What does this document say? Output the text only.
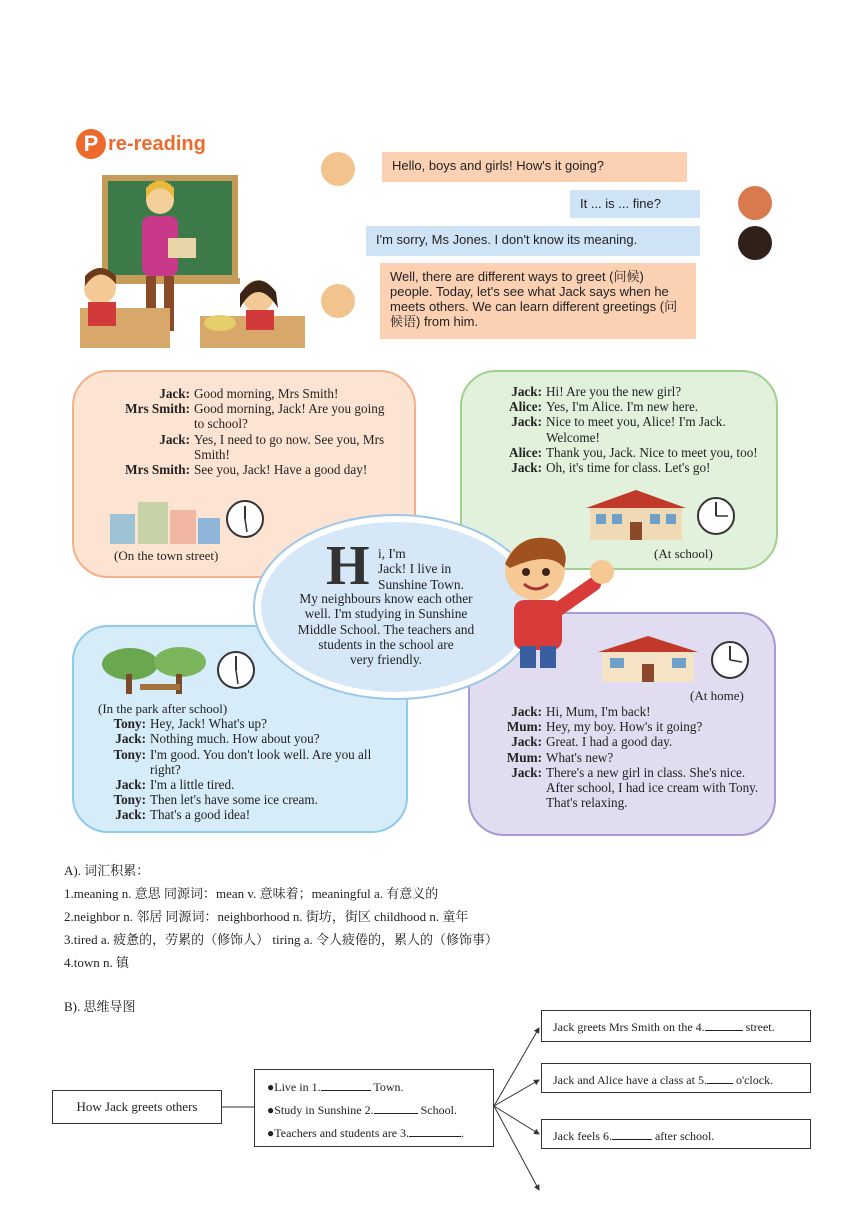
P re-reading
Hello, boys and girls! How's it going?
It ... is ... fine?
I'm sorry, Ms Jones. I don't know its meaning.
Well, there are different ways to greet (问候) people. Today, let's see what Jack says when he meets others. We can learn different greetings (问候语) from him.
Jack: Good morning, Mrs Smith!
Mrs Smith: Good morning, Jack! Are you going to school?
Jack: Yes, I need to go now. See you, Mrs Smith!
Mrs Smith: See you, Jack! Have a good day!
(On the town street)
Jack: Hi! Are you the new girl?
Alice: Yes, I'm Alice. I'm new here.
Jack: Nice to meet you, Alice! I'm Jack. Welcome!
Alice: Thank you, Jack. Nice to meet you, too!
Jack: Oh, it's time for class. Let's go!
(At school)
(In the park after school)
Tony: Hey, Jack! What's up?
Jack: Nothing much. How about you?
Tony: I'm good. You don't look well. Are you all right?
Jack: I'm a little tired.
Tony: Then let's have some ice cream.
Jack: That's a good idea!
Jack: Hi, Mum, I'm back!
Mum: Hey, my boy. How's it going?
Jack: Great. I had a good day.
Mum: What's new?
Jack: There's a new girl in class. She's nice. After school, I had ice cream with Tony. That's relaxing.
(At home)
H i, I'm
Jack! I live in
Sunshine Town.
My neighbours know each other
well. I'm studying in Sunshine
Middle School. The teachers and
students in the school are
very friendly.
A). 词汇积累：
1.meaning n. 意思 同源词：mean v. 意味着；meaningful a. 有意义的
2.neighbor n. 邻居 同源词：neighborhood n. 街坊，街区 childhood n. 童年
3.tired a. 疲惫的，劳累的（修饰人） tiring a. 令人疲倦的，累人的（修饰事）
4.town n. 镇
B). 思维导图
How Jack greets others
●Live in 1.	Town.
●Study in Sunshine 2.	School.
●Teachers and students are 3.	.
Jack greets Mrs Smith on the 4.	street.
Jack and Alice have a class at 5. o'clock.
Jack feels 6.	after school.
